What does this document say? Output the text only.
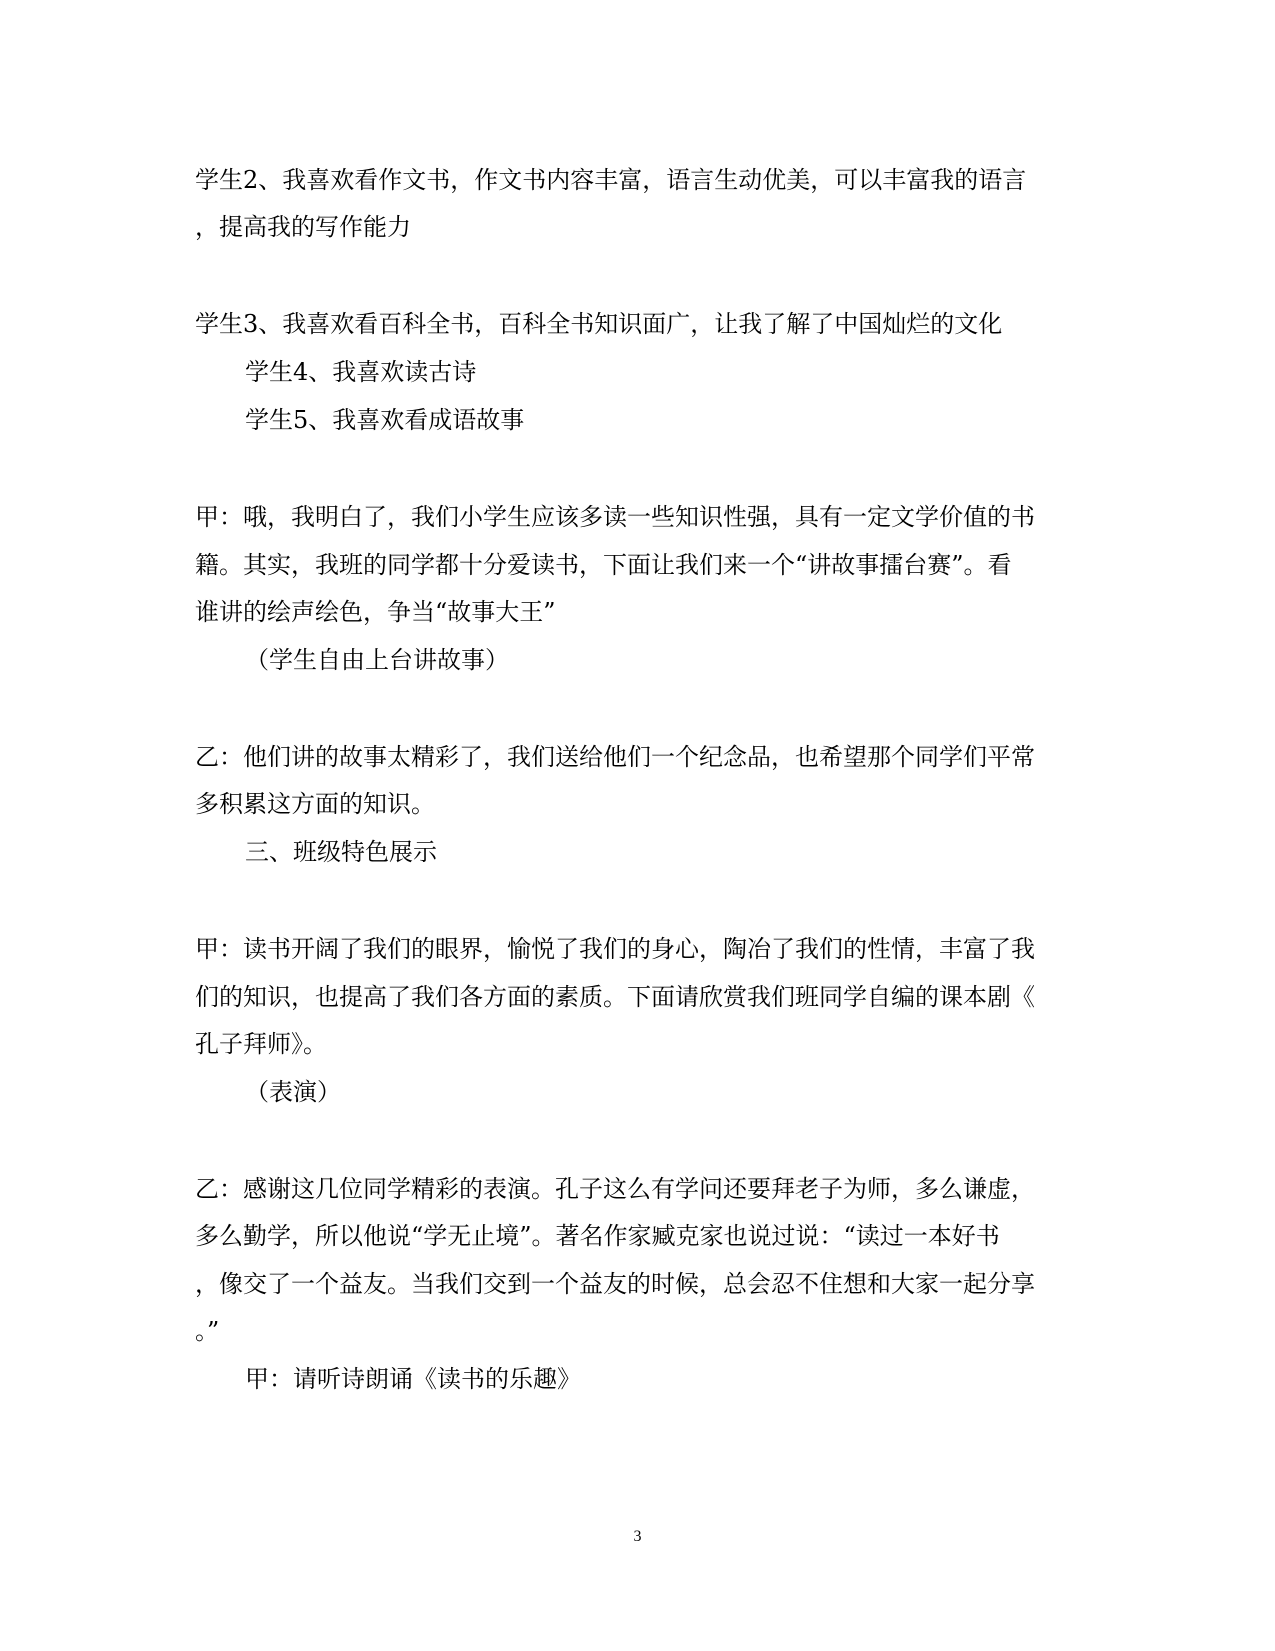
学生2、我喜欢看作文书，作文书内容丰富，语言生动优美，可以丰富我的语言

，提高我的写作能力

学生3、我喜欢看百科全书，百科全书知识面广，让我了解了中国灿烂的文化

学生4、我喜欢读古诗

学生5、我喜欢看成语故事

甲：哦，我明白了，我们小学生应该多读一些知识性强，具有一定文学价值的书

籍。其实，我班的同学都十分爱读书，下面让我们来一个“讲故事擂台赛”。看

谁讲的绘声绘色，争当“故事大王”

（学生自由上台讲故事）

乙：他们讲的故事太精彩了，我们送给他们一个纪念品，也希望那个同学们平常

多积累这方面的知识。

三、班级特色展示

甲：读书开阔了我们的眼界，愉悦了我们的身心，陶冶了我们的性情，丰富了我

们的知识，也提高了我们各方面的素质。下面请欣赏我们班同学自编的课本剧《

孔子拜师》。

（表演）

乙：感谢这几位同学精彩的表演。孔子这么有学问还要拜老子为师，多么谦虚，

多么勤学，所以他说“学无止境”。著名作家臧克家也说过说：“读过一本好书

，像交了一个益友。当我们交到一个益友的时候，总会忍不住想和大家一起分享

。”

甲：请听诗朗诵《读书的乐趣》

3
